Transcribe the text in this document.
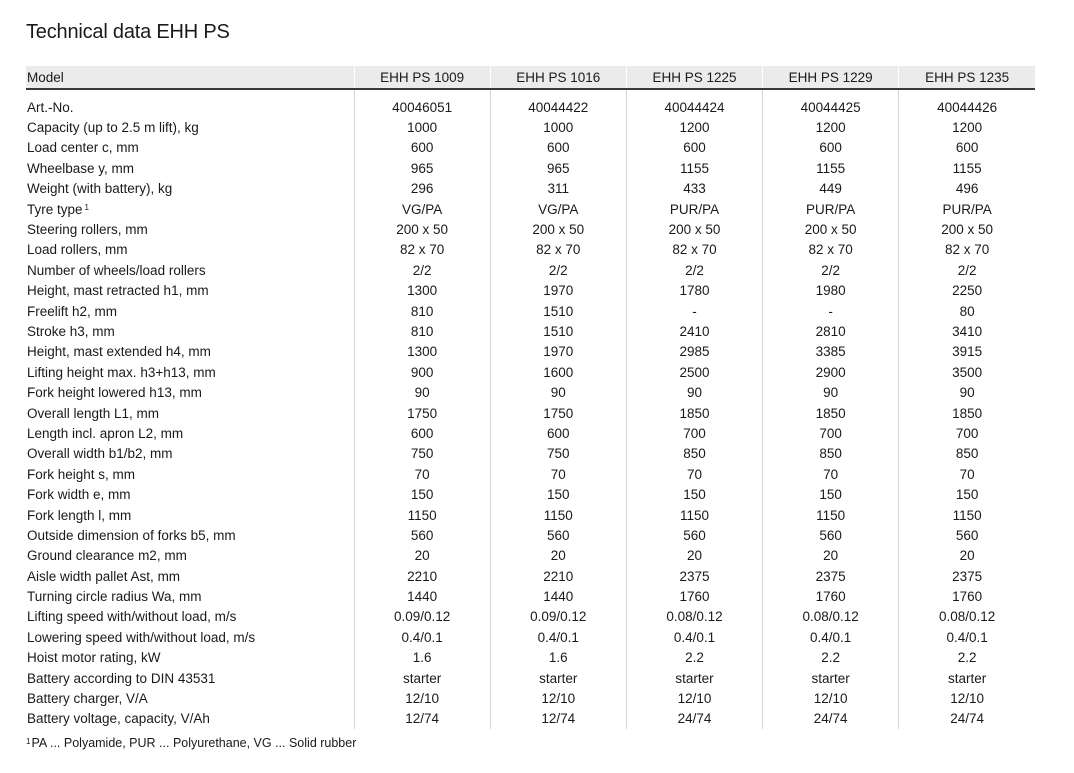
Technical data EHH PS
Model	EHH PS 1009	EHH PS 1016	EHH PS 1225	EHH PS 1229	EHH PS 1235

Art.-No.	40046051	40044422	40044424	40044425	40044426
Capacity (up to 2.5 m lift), kg	1000	1000	1200	1200	1200
Load center c, mm	600	600	600	600	600
Wheelbase y, mm	965	965	1155	1155	1155
Weight (with battery), kg	296	311	433	449	496
Tyre type $^1$	VG/PA	VG/PA	PUR/PA	PUR/PA	PUR/PA
Steering rollers, mm	200 x 50	200 x 50	200 x 50	200 x 50	200 x 50
Load rollers, mm	82 x 70	82 x 70	82 x 70	82 x 70	82 x 70
Number of wheels/load rollers	2/2	2/2	2/2	2/2	2/2
Height, mast retracted h1, mm	1300	1970	1780	1980	2250
Freelift h2, mm	810	1510	-	-	80
Stroke h3, mm	810	1510	2410	2810	3410
Height, mast extended h4, mm	1300	1970	2985	3385	3915
Lifting height max. h3+h13, mm	900	1600	2500	2900	3500
Fork height lowered h13, mm	90	90	90	90	90
Overall length L1, mm	1750	1750	1850	1850	1850
Length incl. apron L2, mm	600	600	700	700	700
Overall width b1/b2, mm	750	750	850	850	850
Fork height s, mm	70	70	70	70	70
Fork width e, mm	150	150	150	150	150
Fork length l, mm	1150	1150	1150	1150	1150
Outside dimension of forks b5, mm	560	560	560	560	560
Ground clearance m2, mm	20	20	20	20	20
Aisle width pallet Ast, mm	2210	2210	2375	2375	2375
Turning circle radius Wa, mm	1440	1440	1760	1760	1760
Lifting speed with/without load, m/s	0.09/0.12	0.09/0.12	0.08/0.12	0.08/0.12	0.08/0.12
Lowering speed with/without load, m/s	0.4/0.1	0.4/0.1	0.4/0.1	0.4/0.1	0.4/0.1
Hoist motor rating, kW	1.6	1.6	2.2	2.2	2.2
Battery according to DIN 43531	starter	starter	starter	starter	starter
Battery charger, V/A	12/10	12/10	12/10	12/10	12/10
Battery voltage, capacity, V/Ah	12/74	12/74	24/74	24/74	24/74
$^1$PA ... Polyamide, PUR ... Polyurethane, VG ... Solid rubber
